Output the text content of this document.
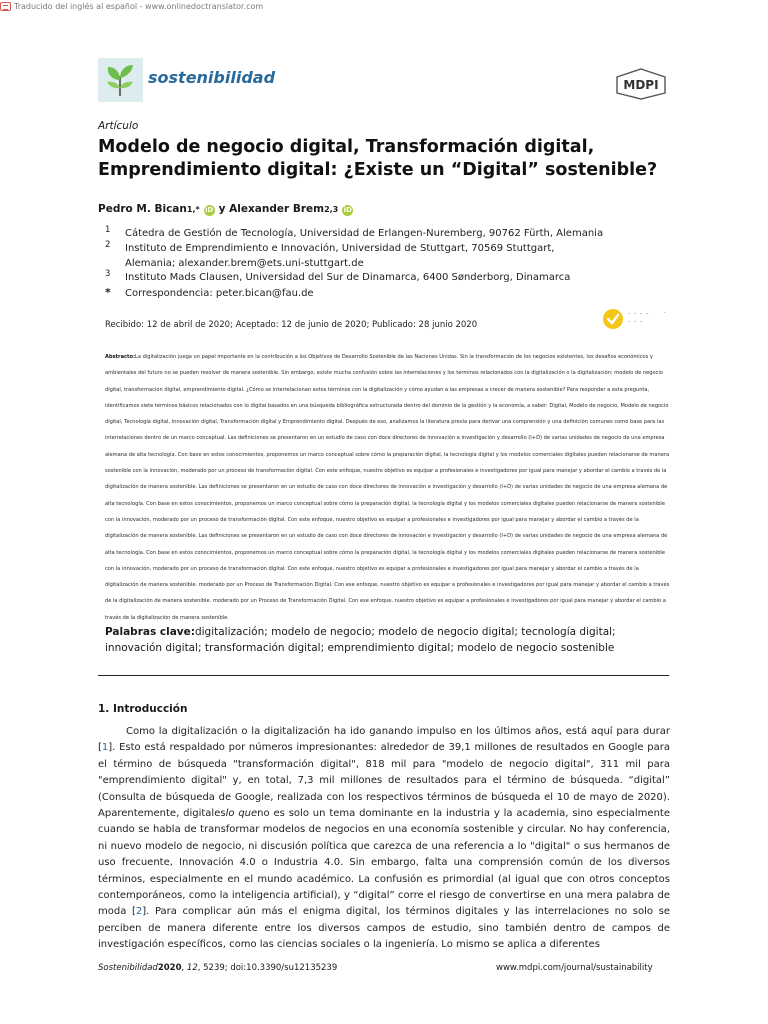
Traducido del inglés al español - www.onlinedoctranslator.com
sostenibilidad	MDPI
Artículo
Modelo de negocio digital, Transformación digital, Emprendimiento digital: ¿Existe un “Digital” sostenible?
Pedro M. Bican 1,* iD y Alexander Brem 2,3 iD
1 Cátedra de Gestión de Tecnología, Universidad de Erlangen-Nuremberg, 90762 Fürth, Alemania
2 Instituto de Emprendimiento e Innovación, Universidad de Stuttgart, 70569 Stuttgart, Alemania; alexander.brem@ets.uni-stuttgart.de
3 Instituto Mads Clausen, Universidad del Sur de Dinamarca, 6400 Sønderborg, Dinamarca
* Correspondencia: peter.bican@fau.de
Recibido: 12 de abril de 2020; Aceptado: 12 de junio de 2020; Publicado: 28 junio 2020
- - - -     ·
- - -
Abstracto:La digitalización juega un papel importante en la contribución a los Objetivos de Desarrollo Sostenible de las Naciones Unidas. Sin la transformación de los negocios existentes, los desafíos económicos y ambientales del futuro no se pueden resolver de manera sostenible. Sin embargo, existe mucha confusión sobre las interrelaciones y los términos relacionados con la digitalización o la digitalización: modelo de negocio digital, transformación digital, emprendimiento digital. ¿Cómo se interrelacionan estos términos con la digitalización y cómo ayudan a las empresas a crecer de manera sostenible? Para responder a esta pregunta, identificamos siete términos básicos relacionados con lo digital basados en una búsqueda bibliográfica estructurada dentro del dominio de la gestión y la economía, a saber: Digital, Modelo de negocio, Modelo de negocio digital, Tecnología digital, Innovación digital, Transformación digital y Emprendimiento digital. Después de eso, analizamos la literatura previa para derivar una comprensión y una definición comunes como base para las interrelaciones dentro de un marco conceptual. Las definiciones se presentaron en un estudio de caso con doce directores de innovación e investigación y desarrollo (I+D) de varias unidades de negocio de una empresa alemana de alta tecnología. Con base en estos conocimientos, proponemos un marco conceptual sobre cómo la preparación digital, la tecnología digital y los modelos comerciales digitales pueden relacionarse de manera sostenible con la innovación, moderado por un proceso de transformación digital. Con este enfoque, nuestro objetivo es equipar a profesionales e investigadores por igual para manejar y abordar el cambio a través de la digitalización de manera sostenible. Las definiciones se presentaron en un estudio de caso con doce directores de innovación e investigación y desarrollo (I+D) de varias unidades de negocio de una empresa alemana de alta tecnología. Con base en estos conocimientos, proponemos un marco conceptual sobre cómo la preparación digital, la tecnología digital y los modelos comerciales digitales pueden relacionarse de manera sostenible con la innovación, moderado por un proceso de transformación digital. Con este enfoque, nuestro objetivo es equipar a profesionales e investigadores por igual para manejar y abordar el cambio a través de la digitalización de manera sostenible. Las definiciones se presentaron en un estudio de caso con doce directores de innovación e investigación y desarrollo (I+D) de varias unidades de negocio de una empresa alemana de alta tecnología. Con base en estos conocimientos, proponemos un marco conceptual sobre cómo la preparación digital, la tecnología digital y los modelos comerciales digitales pueden relacionarse de manera sostenible con la innovación, moderado por un proceso de transformación digital. Con este enfoque, nuestro objetivo es equipar a profesionales e investigadores por igual para manejar y abordar el cambio a través de la digitalización de manera sostenible. moderado por un Proceso de Transformación Digital. Con ese enfoque, nuestro objetivo es equipar a profesionales e investigadores por igual para manejar y abordar el cambio a través de la digitalización de manera sostenible. moderado por un Proceso de Transformación Digital. Con ese enfoque, nuestro objetivo es equipar a profesionales e investigadores por igual para manejar y abordar el cambio a través de la digitalización de manera sostenible.
Palabras clave:digitalización; modelo de negocio; modelo de negocio digital; tecnología digital; innovación digital; transformación digital; emprendimiento digital; modelo de negocio sostenible
1. Introducción
Como la digitalización o la digitalización ha ido ganando impulso en los últimos años, está aquí para durar [1]. Esto está respaldado por números impresionantes: alrededor de 39,1 millones de resultados en Google para el término de búsqueda "transformación digital", 818 mil para "modelo de negocio digital", 311 mil para "emprendimiento digital" y, en total, 7,3 mil millones de resultados para el término de búsqueda. “digital” (Consulta de búsqueda de Google, realizada con los respectivos términos de búsqueda el 10 de mayo de 2020). Aparentemente, digitaleslo queno es solo un tema dominante en la industria y la academia, sino especialmente cuando se habla de transformar modelos de negocios en una economía sostenible y circular. No hay conferencia, ni nuevo modelo de negocio, ni discusión política que carezca de una referencia a lo "digital" o sus hermanos de uso frecuente, Innovación 4.0 o Industria 4.0. Sin embargo, falta una comprensión común de los diversos términos, especialmente en el mundo académico. La confusión es primordial (al igual que con otros conceptos contemporáneos, como la inteligencia artificial), y “digital” corre el riesgo de convertirse en una mera palabra de moda [2]. Para complicar aún más el enigma digital, los términos digitales y las interrelaciones no solo se perciben de manera diferente entre los diversos campos de estudio, sino también dentro de campos de investigación específicos, como las ciencias sociales o la ingeniería. Lo mismo se aplica a diferentes
Sostenibilidad2020, 12, 5239; doi:10.3390/su12135239	www.mdpi.com/journal/sustainability
